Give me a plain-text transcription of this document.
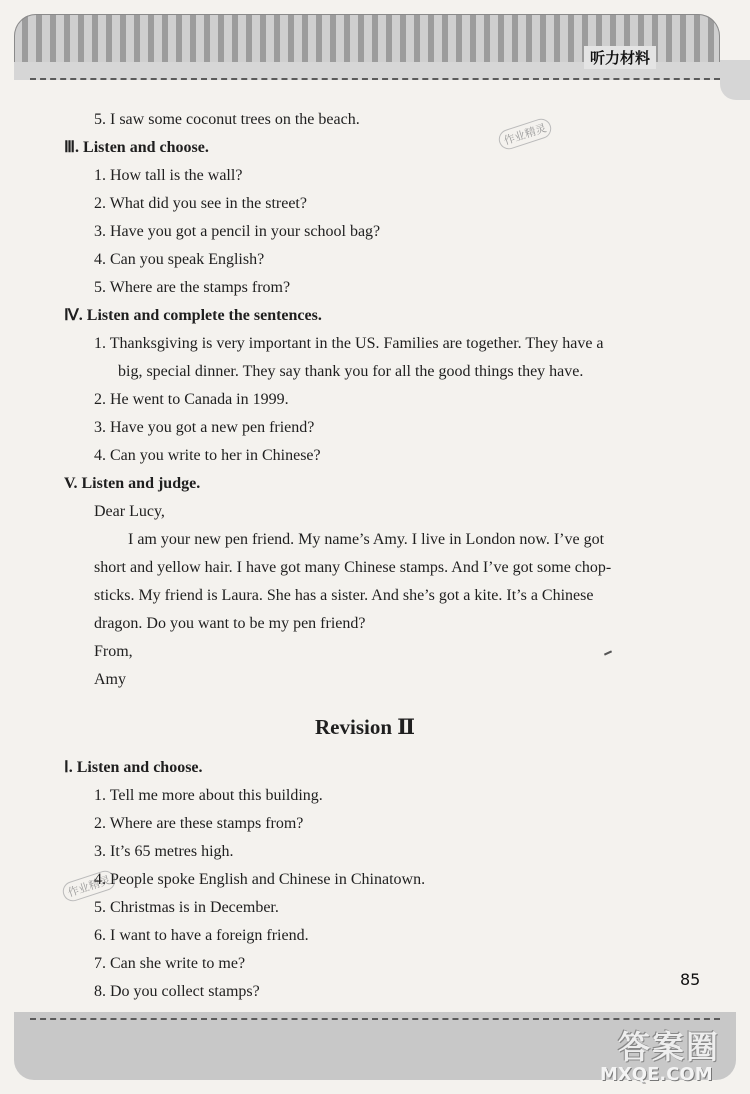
听力材料
作业精灵
作业精灵
5. I saw some coconut trees on the beach.
Ⅲ. Listen and choose.
1. How tall is the wall?
2. What did you see in the street?
3. Have you got a pencil in your school bag?
4. Can you speak English?
5. Where are the stamps from?
Ⅳ. Listen and complete the sentences.
1. Thanksgiving is very important in the US. Families are together. They have a
big, special dinner. They say thank you for all the good things they have.
2. He went to Canada in 1999.
3. Have you got a new pen friend?
4. Can you write to her in Chinese?
V. Listen and judge.
Dear Lucy,
I am your new pen friend. My name’s Amy. I live in London now. I’ve got
short and yellow hair. I have got many Chinese stamps. And I’ve got some chop-
sticks. My friend is Laura. She has a sister. And she’s got a kite. It’s a Chinese
dragon. Do you want to be my pen friend?
From,
Amy
Revision Ⅱ
Ⅰ. Listen and choose.
1. Tell me more about this building.
2. Where are these stamps from?
3. It’s 65 metres high.
4. People spoke English and Chinese in Chinatown.
5. Christmas is in December.
6. I want to have a foreign friend.
7. Can she write to me?
8. Do you collect stamps?
85
答案圈
MXQE.COM
